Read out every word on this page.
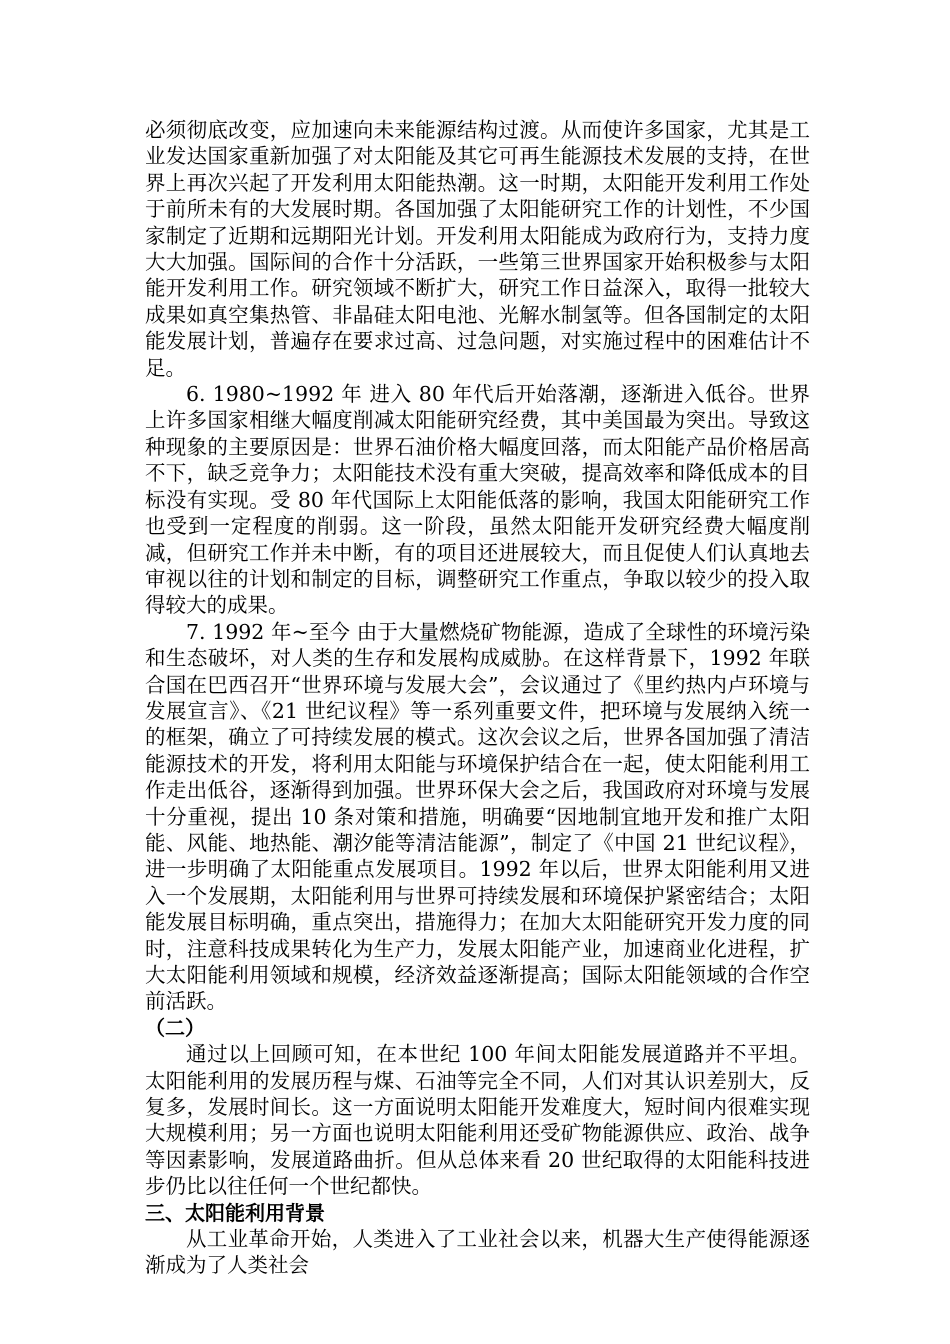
必须彻底改变，应加速向未来能源结构过渡。从而使许多国家，尤其是工业发达国家重新加强了对太阳能及其它可再生能源技术发展的支持，在世界上再次兴起了开发利用太阳能热潮。这一时期，太阳能开发利用工作处于前所未有的大发展时期。各国加强了太阳能研究工作的计划性，不少国家制定了近期和远期阳光计划。开发利用太阳能成为政府行为，支持力度大大加强。国际间的合作十分活跃，一些第三世界国家开始积极参与太阳能开发利用工作。研究领域不断扩大，研究工作日益深入，取得一批较大成果如真空集热管、非晶硅太阳电池、光解水制氢等。但各国制定的太阳能发展计划，普遍存在要求过高、过急问题，对实施过程中的困难估计不足。

6. 1980~1992 年 进入 80 年代后开始落潮，逐渐进入低谷。世界上许多国家相继大幅度削减太阳能研究经费，其中美国最为突出。导致这种现象的主要原因是：世界石油价格大幅度回落，而太阳能产品价格居高不下，缺乏竞争力；太阳能技术没有重大突破，提高效率和降低成本的目标没有实现。受 80 年代国际上太阳能低落的影响，我国太阳能研究工作也受到一定程度的削弱。这一阶段，虽然太阳能开发研究经费大幅度削减，但研究工作并未中断，有的项目还进展较大，而且促使人们认真地去审视以往的计划和制定的目标，调整研究工作重点，争取以较少的投入取得较大的成果。

7. 1992 年~至今 由于大量燃烧矿物能源，造成了全球性的环境污染和生态破坏，对人类的生存和发展构成威胁。在这样背景下，1992 年联合国在巴西召开“世界环境与发展大会”，会议通过了《里约热内卢环境与发展宣言》、《21 世纪议程》等一系列重要文件，把环境与发展纳入统一的框架，确立了可持续发展的模式。这次会议之后，世界各国加强了清洁能源技术的开发，将利用太阳能与环境保护结合在一起，使太阳能利用工作走出低谷，逐渐得到加强。世界环保大会之后，我国政府对环境与发展十分重视，提出 10 条对策和措施，明确要“因地制宜地开发和推广太阳能、风能、地热能、潮汐能等清洁能源”，制定了《中国 21 世纪议程》，进一步明确了太阳能重点发展项目。1992 年以后，世界太阳能利用又进入一个发展期，太阳能利用与世界可持续发展和环境保护紧密结合；太阳能发展目标明确，重点突出，措施得力；在加大太阳能研究开发力度的同时，注意科技成果转化为生产力，发展太阳能产业，加速商业化进程，扩大太阳能利用领域和规模，经济效益逐渐提高；国际太阳能领域的合作空前活跃。

（二）

通过以上回顾可知，在本世纪 100 年间太阳能发展道路并不平坦。太阳能利用的发展历程与煤、石油等完全不同，人们对其认识差别大，反复多，发展时间长。这一方面说明太阳能开发难度大，短时间内很难实现大规模利用；另一方面也说明太阳能利用还受矿物能源供应、政治、战争等因素影响，发展道路曲折。但从总体来看 20 世纪取得的太阳能科技进步仍比以往任何一个世纪都快。

三、太阳能利用背景

从工业革命开始，人类进入了工业社会以来，机器大生产使得能源逐渐成为了人类社会
